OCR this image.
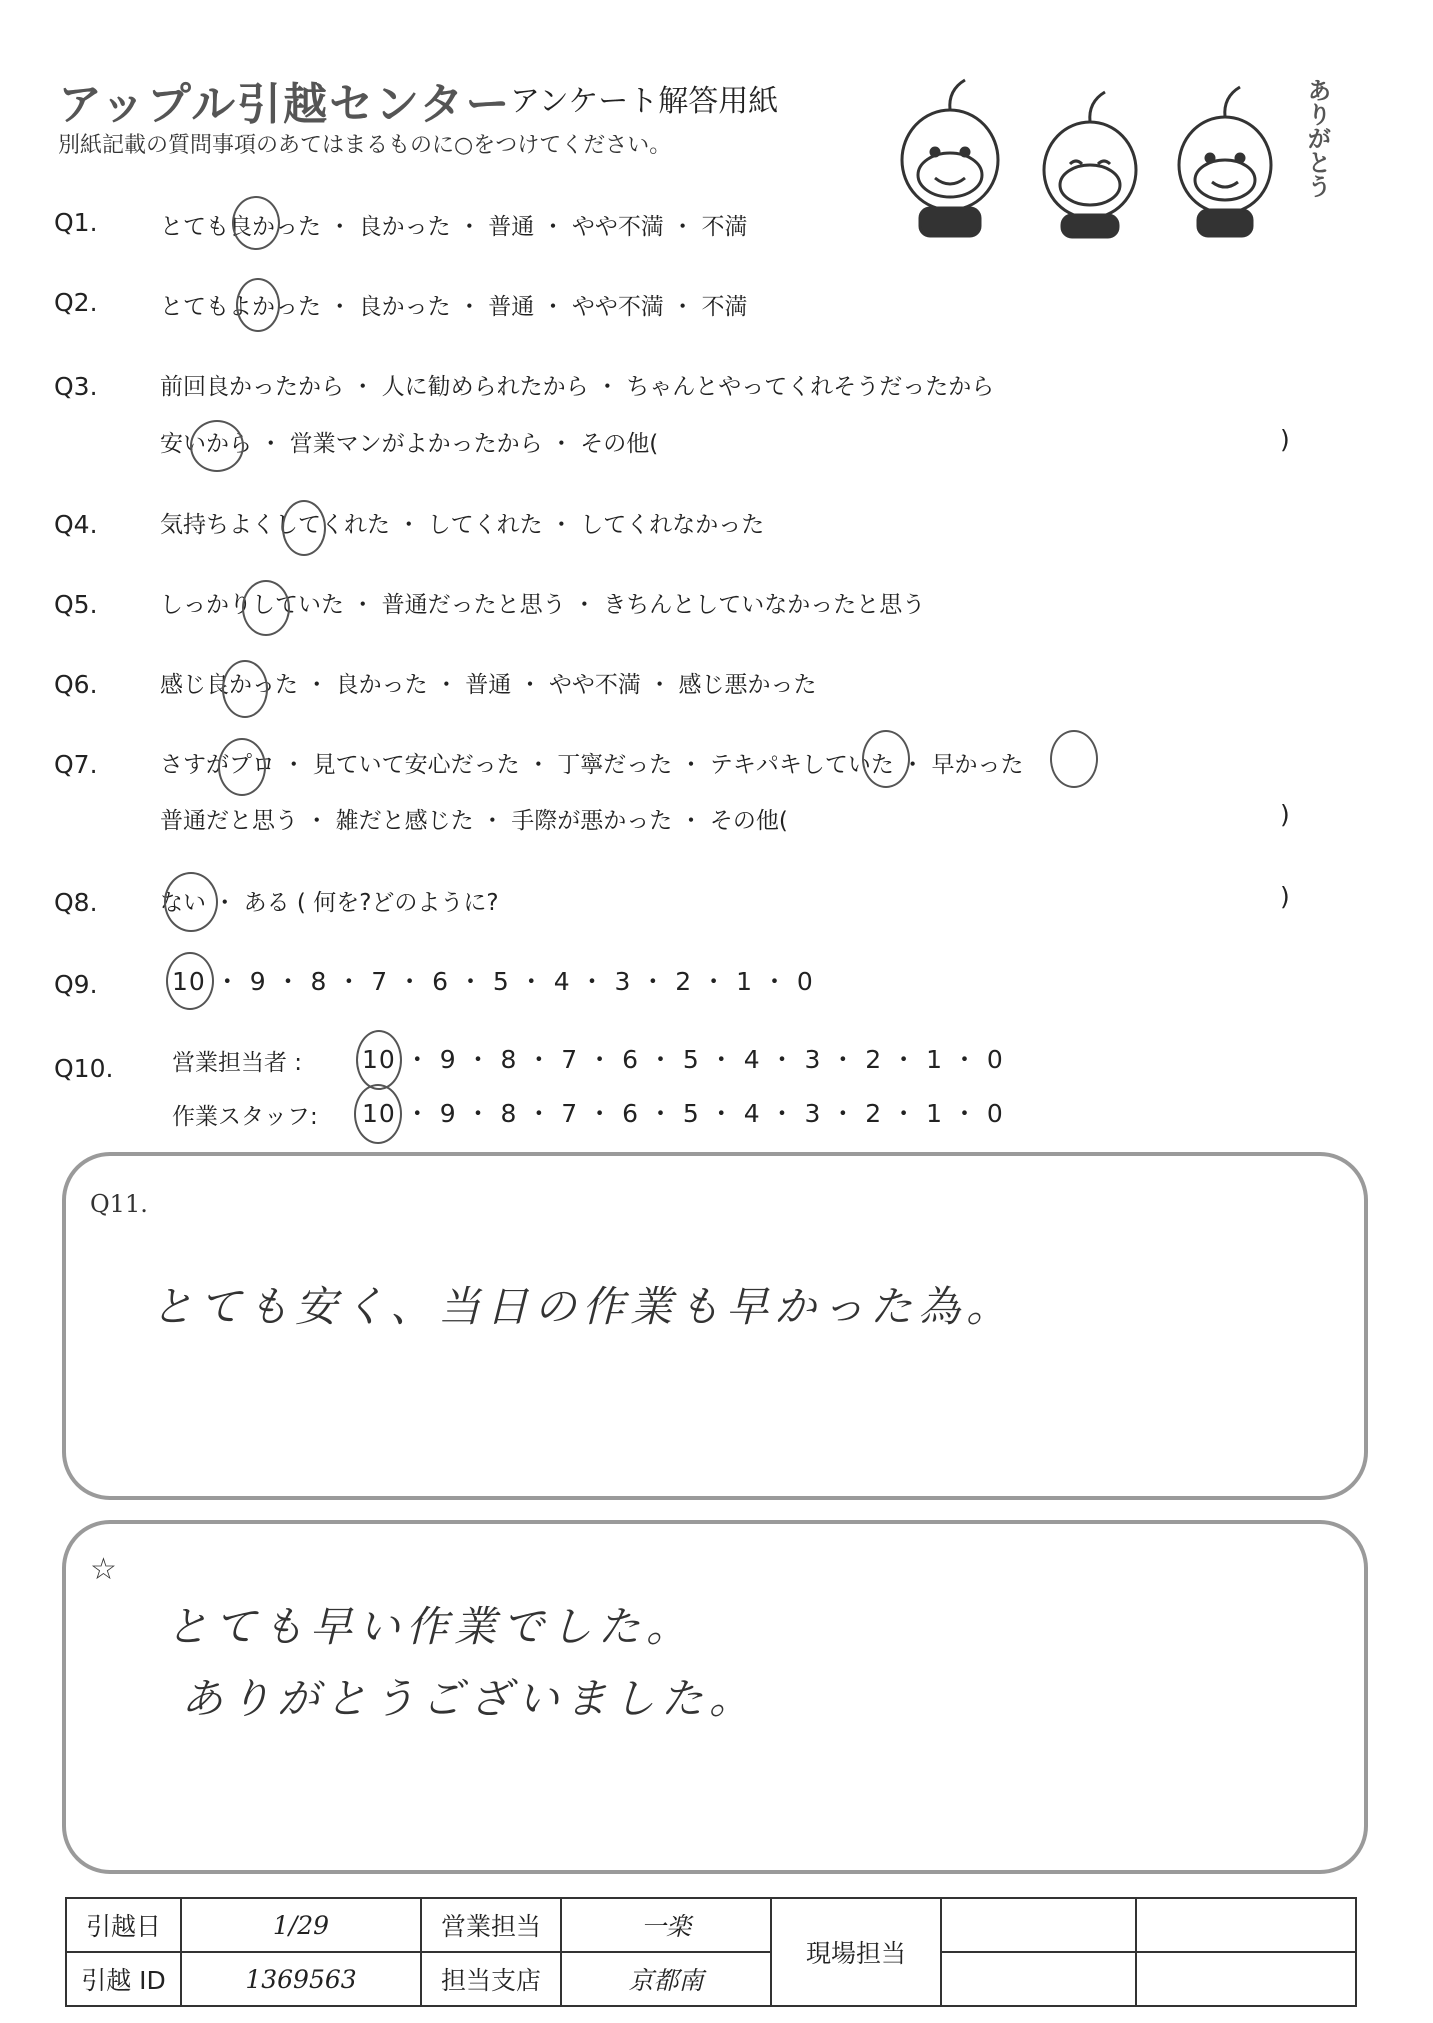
アップル引越センター
アンケート解答用紙
別紙記載の質問事項のあてはまるものに○をつけてください。	ありがとう
Q1.	とても良かった ・ 良かった ・ 普通 ・ やや不満 ・ 不満
Q2.	とてもよかった ・ 良かった ・ 普通 ・ やや不満 ・ 不満
Q3.	前回良かったから ・ 人に勧められたから ・ ちゃんとやってくれそうだったから
安いから ・ 営業マンがよかったから ・ その他(	)
Q4.	気持ちよくしてくれた ・ してくれた ・ してくれなかった
Q5.	しっかりしていた ・ 普通だったと思う ・ きちんとしていなかったと思う
Q6.	感じ良かった ・ 良かった ・ 普通 ・ やや不満 ・ 感じ悪かった
Q7.	さすがプロ ・ 見ていて安心だった ・ 丁寧だった ・ テキパキしていた ・ 早かった
普通だと思う ・ 雑だと感じた ・ 手際が悪かった ・ その他(	)
Q8.	ない ・ ある ( 何を?どのように?	)
Q9.	10 ・ 9 ・ 8 ・ 7 ・ 6 ・ 5 ・ 4 ・ 3 ・ 2 ・ 1 ・ 0
Q10.	営業担当者 : 10 ・ 9 ・ 8 ・ 7 ・ 6 ・ 5 ・ 4 ・ 3 ・ 2 ・ 1 ・ 0
作業スタッフ: 10 ・ 9 ・ 8 ・ 7 ・ 6 ・ 5 ・ 4 ・ 3 ・ 2 ・ 1 ・ 0
Q11.
とても安く、当日の作業も早かった為。
☆
とても早い作業でした。
ありがとうございました。
引越日	1/29	営業担当	一楽	現場担当		
引越 ID	1369563	担当支店	京都南			
